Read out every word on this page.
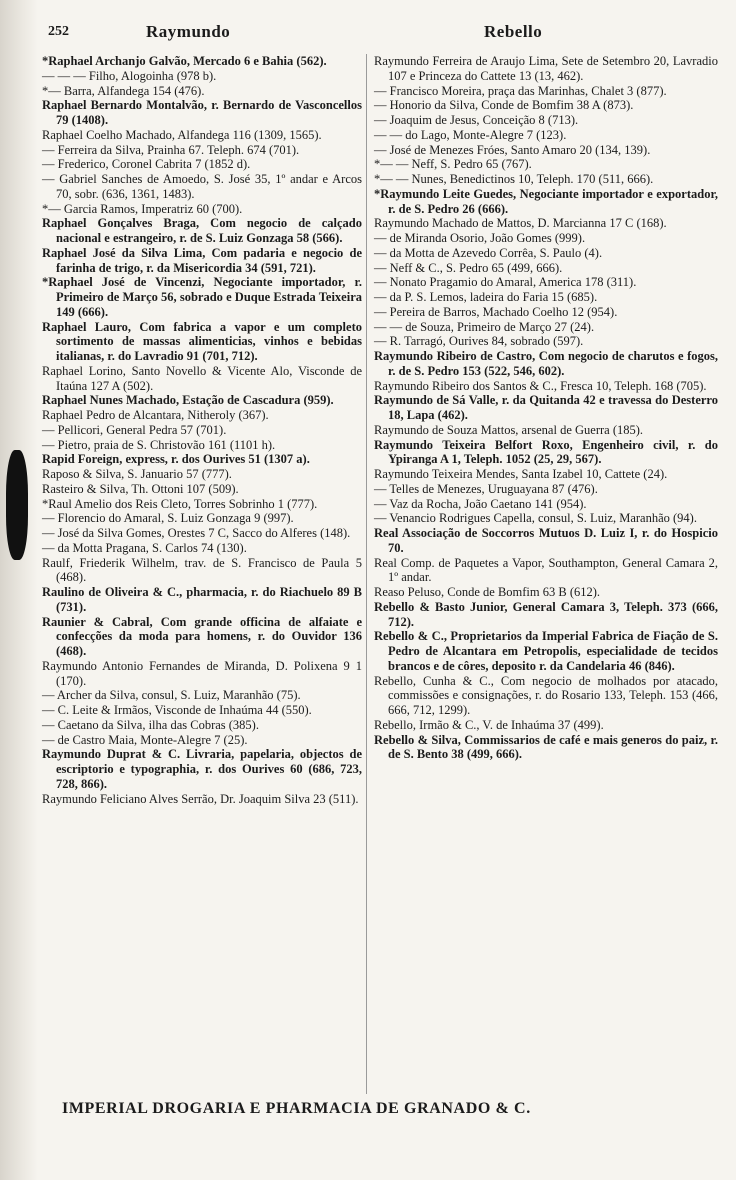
252	Raymundo	Rebello

*Raphael Archanjo Galvão, Mercado 6 e Bahia (562).

— — — Filho, Alogoinha (978 b).

*— Barra, Alfandega 154 (476).

Raphael Bernardo Montalvão, r. Bernardo de Vasconcellos 79 (1408).

Raphael Coelho Machado, Alfandega 116 (1309, 1565).

— Ferreira da Silva, Prainha 67. Teleph. 674 (701).

— Frederico, Coronel Cabrita 7 (1852 d).

— Gabriel Sanches de Amoedo, S. José 35, 1º andar e Arcos 70, sobr. (636, 1361, 1483).

*— Garcia Ramos, Imperatriz 60 (700).

Raphael Gonçalves Braga, Com negocio de calçado nacional e estrangeiro, r. de S. Luiz Gonzaga 58 (566).

Raphael José da Silva Lima, Com padaria e negocio de farinha de trigo, r. da Misericordia 34 (591, 721).

*Raphael José de Vincenzi, Negociante importador, r. Primeiro de Março 56, sobrado e Duque Estrada Teixeira 149 (666).

Raphael Lauro, Com fabrica a vapor e um completo sortimento de massas alimenticias, vinhos e bebidas italianas, r. do Lavradio 91 (701, 712).

Raphael Lorino, Santo Novello & Vicente Alo, Visconde de Itaúna 127 A (502).

Raphael Nunes Machado, Estação de Cascadura (959).

Raphael Pedro de Alcantara, Nitheroly (367).

— Pellicori, General Pedra 57 (701).

— Pietro, praia de S. Christovão 161 (1101 h).

Rapid Foreign, express, r. dos Ourives 51 (1307 a).

Raposo & Silva, S. Januario 57 (777).

Rasteiro & Silva, Th. Ottoni 107 (509).

*Raul Amelio dos Reis Cleto, Torres Sobrinho 1 (777).

— Florencio do Amaral, S. Luiz Gonzaga 9 (997).

— José da Silva Gomes, Orestes 7 C, Sacco do Alferes (148).

— da Motta Pragana, S. Carlos 74 (130).

Raulf, Friederik Wilhelm, trav. de S. Francisco de Paula 5 (468).

Raulino de Oliveira & C., pharmacia, r. do Riachuelo 89 B (731).

Raunier & Cabral, Com grande officina de alfaiate e confecções da moda para homens, r. do Ouvidor 136 (468).

Raymundo Antonio Fernandes de Miranda, D. Polixena 9 1 (170).

— Archer da Silva, consul, S. Luiz, Maranhão (75).

— C. Leite & Irmãos, Visconde de Inhaúma 44 (550).

— Caetano da Silva, ilha das Cobras (385).

— de Castro Maia, Monte-Alegre 7 (25).

Raymundo Duprat & C. Livraria, papelaria, objectos de escriptorio e typographia, r. dos Ourives 60 (686, 723, 728, 866).

Raymundo Feliciano Alves Serrão, Dr. Joaquim Silva 23 (511).

Raymundo Ferreira de Araujo Lima, Sete de Setembro 20, Lavradio 107 e Princeza do Cattete 13 (13, 462).

— Francisco Moreira, praça das Marinhas, Chalet 3 (877).

— Honorio da Silva, Conde de Bomfim 38 A (873).

— Joaquim de Jesus, Conceição 8 (713).

— — do Lago, Monte-Alegre 7 (123).

— José de Menezes Fróes, Santo Amaro 20 (134, 139).

*— — Neff, S. Pedro 65 (767).

*— — Nunes, Benedictinos 10, Teleph. 170 (511, 666).

*Raymundo Leite Guedes, Negociante importador e exportador, r. de S. Pedro 26 (666).

Raymundo Machado de Mattos, D. Marcianna 17 C (168).

— de Miranda Osorio, João Gomes (999).

— da Motta de Azevedo Corrêa, S. Paulo (4).

— Neff & C., S. Pedro 65 (499, 666).

— Nonato Pragamio do Amaral, America 178 (311).

— da P. S. Lemos, ladeira do Faria 15 (685).

— Pereira de Barros, Machado Coelho 12 (954).

— — de Souza, Primeiro de Março 27 (24).

— R. Tarragó, Ourives 84, sobrado (597).

Raymundo Ribeiro de Castro, Com negocio de charutos e fogos, r. de S. Pedro 153 (522, 546, 602).

Raymundo Ribeiro dos Santos & C., Fresca 10, Teleph. 168 (705).

Raymundo de Sá Valle, r. da Quitanda 42 e travessa do Desterro 18, Lapa (462).

Raymundo de Souza Mattos, arsenal de Guerra (185).

Raymundo Teixeira Belfort Roxo, Engenheiro civil, r. do Ypiranga A 1, Teleph. 1052 (25, 29, 567).

Raymundo Teixeira Mendes, Santa Izabel 10, Cattete (24).

— Telles de Menezes, Uruguayana 87 (476).

— Vaz da Rocha, João Caetano 141 (954).

— Venancio Rodrigues Capella, consul, S. Luiz, Maranhão (94).

Real Associação de Soccorros Mutuos D. Luiz I, r. do Hospicio 70.

Real Comp. de Paquetes a Vapor, Southampton, General Camara 2, 1º andar.

Reaso Peluso, Conde de Bomfim 63 B (612).

Rebello & Basto Junior, General Camara 3, Teleph. 373 (666, 712).

Rebello & C., Proprietarios da Imperial Fabrica de Fiação de S. Pedro de Alcantara em Petropolis, especialidade de tecidos brancos e de côres, deposito r. da Candelaria 46 (846).

Rebello, Cunha & C., Com negocio de molhados por atacado, commissões e consignações, r. do Rosario 133, Teleph. 153 (466, 666, 712, 1299).

Rebello, Irmão & C., V. de Inhaúma 37 (499).

Rebello & Silva, Commissarios de café e mais generos do paiz, r. de S. Bento 38 (499, 666).

IMPERIAL DROGARIA E PHARMACIA DE GRANADO & C.
